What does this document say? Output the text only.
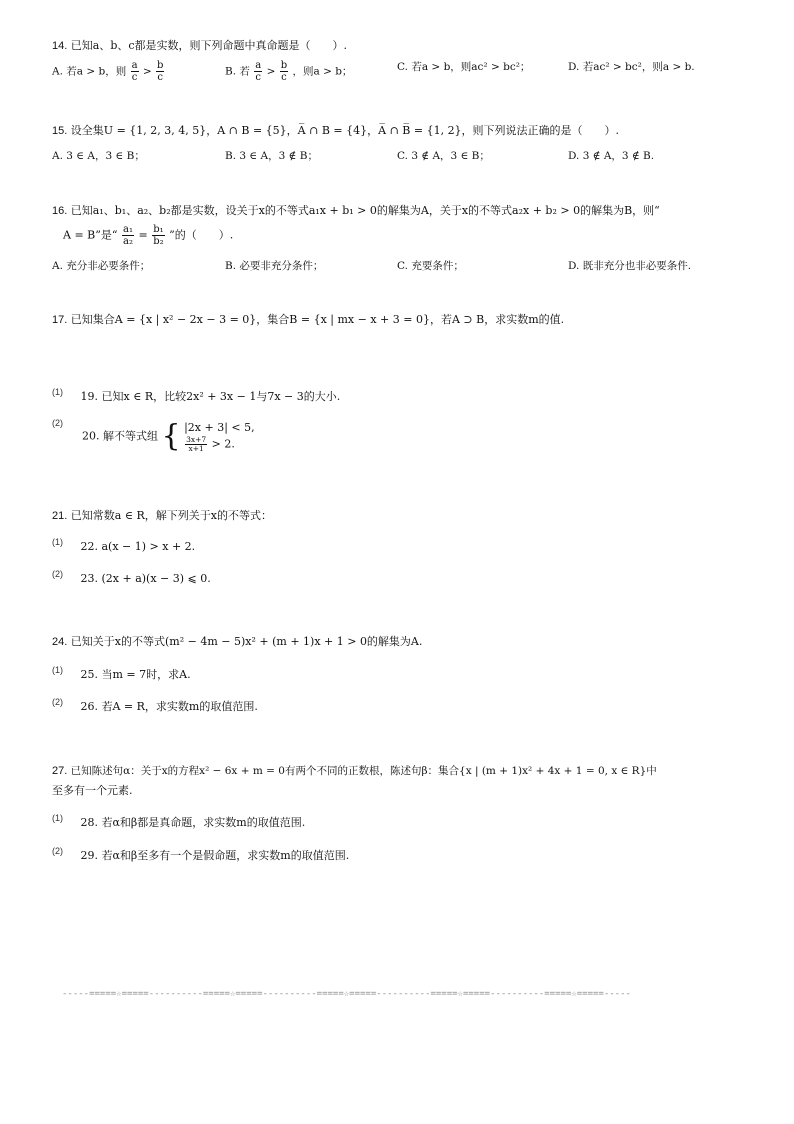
14. 已知a、b、c都是实数，则下列命题中真命题是（　　）.
A. 若a > b，则 $\frac{a}{c} > \frac{b}{c}$	B. 若 $\frac{a}{c} > \frac{b}{c}$ ，则a > b；	C. 若a > b，则ac² > bc²；	D. 若ac² > bc²，则a > b.
15. 设全集U = {1, 2, 3, 4, 5}，A ∩ B = {5}，A̅ ∩ B = {4}，A̅ ∩ B̅ = {1, 2}，则下列说法正确的是（　　）.
A. 3 ∈ A，3 ∈ B；	B. 3 ∈ A，3 ∉ B；	C. 3 ∉ A，3 ∈ B；	D. 3 ∉ A，3 ∉ B.
16. 已知a₁、b₁、a₂、b₂都是实数，设关于x的不等式a₁x + b₁ > 0的解集为A，关于x的不等式a₂x + b₂ > 0的解集为B，则“
A = B”是“ $\frac{\text{a₁}}{\text{a₂}} = \frac{\text{b₁}}{\text{b₂}}$ ”的（　　）.
A. 充分非必要条件；	B. 必要非充分条件；	C. 充要条件；	D. 既非充分也非必要条件.
17. 已知集合A = {x | x² − 2x − 3 = 0}，集合B = {x | mx − x + 3 = 0}，若A ⊃ B，求实数m的值.
$^{(1)}$ 19. 已知x ∈ R，比较2x² + 3x − 1与7x − 3的大小.
$^{(2)}$
20. 解不等式组 { |2x + 3| < 5,
$\frac{3x+7}{x+1} > 2$.
21. 已知常数a ∈ R，解下列关于x的不等式：
$^{(1)}$ 22. a(x − 1) > x + 2.
$^{(2)}$ 23. (2x + a)(x − 3) ⩽ 0.
24. 已知关于x的不等式(m² − 4m − 5)x² + (m + 1)x + 1 > 0的解集为A.
$^{(1)}$ 25. 当m = 7时，求A.
$^{(2)}$ 26. 若A = R，求实数m的取值范围.
27. 已知陈述句α：关于x的方程x² − 6x + m = 0有两个不同的正数根，陈述句β：集合{x | (m + 1)x² + 4x + 1 = 0, x ∈ R}中
至多有一个元素.
$^{(1)}$ 28. 若α和β都是真命题，求实数m的取值范围.
$^{(2)}$ 29. 若α和β至多有一个是假命题，求实数m的取值范围.
-----=====☆=====----------=====☆=====----------=====☆=====----------=====☆=====----------=====☆=====-----
